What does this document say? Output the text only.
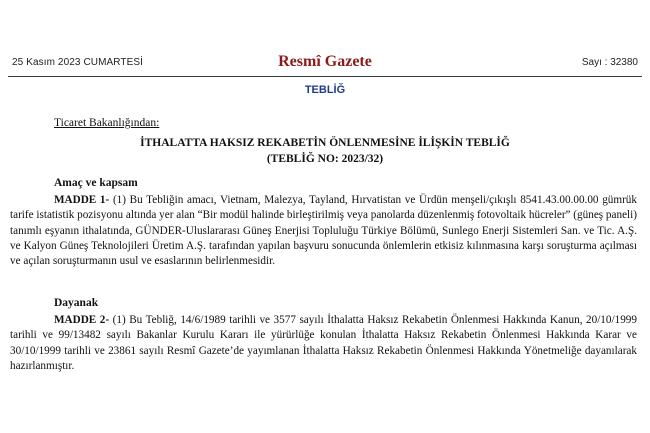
25 Kasım 2023 CUMARTESİ	Resmî Gazete	Sayı : 32380
TEBLİĞ
Ticaret Bakanlığından:
İTHALATTA HAKSIZ REKABETİN ÖNLENMESİNE İLİŞKİN TEBLİĞ
(TEBLİĞ NO: 2023/32)
Amaç ve kapsam

MADDE 1- (1) Bu Tebliğin amacı, Vietnam, Malezya, Tayland, Hırvatistan ve Ürdün menşeli/çıkışlı 8541.43.00.00.00 gümrük tarife istatistik pozisyonu altında yer alan “Bir modül halinde birleştirilmiş veya panolarda düzenlenmiş fotovoltaik hücreler” (güneş paneli) tanımlı eşyanın ithalatında, GÜNDER-Uluslararası Güneş Enerjisi Topluluğu Türkiye Bölümü, Sunlego Enerji Sistemleri San. ve Tic. A.Ş. ve Kalyon Güneş Teknolojileri Üretim A.Ş. tarafından yapılan başvuru sonucunda önlemlerin etkisiz kılınmasına karşı soruşturma açılması ve açılan soruşturmanın usul ve esaslarının belirlenmesidir.

Dayanak

MADDE 2- (1) Bu Tebliğ, 14/6/1989 tarihli ve 3577 sayılı İthalatta Haksız Rekabetin Önlenmesi Hakkında Kanun, 20/10/1999 tarihli ve 99/13482 sayılı Bakanlar Kurulu Kararı ile yürürlüğe konulan İthalatta Haksız Rekabetin Önlenmesi Hakkında Karar ve 30/10/1999 tarihli ve 23861 sayılı Resmî Gazete’de yayımlanan İthalatta Haksız Rekabetin Önlenmesi Hakkında Yönetmeliğe dayanılarak hazırlanmıştır.
